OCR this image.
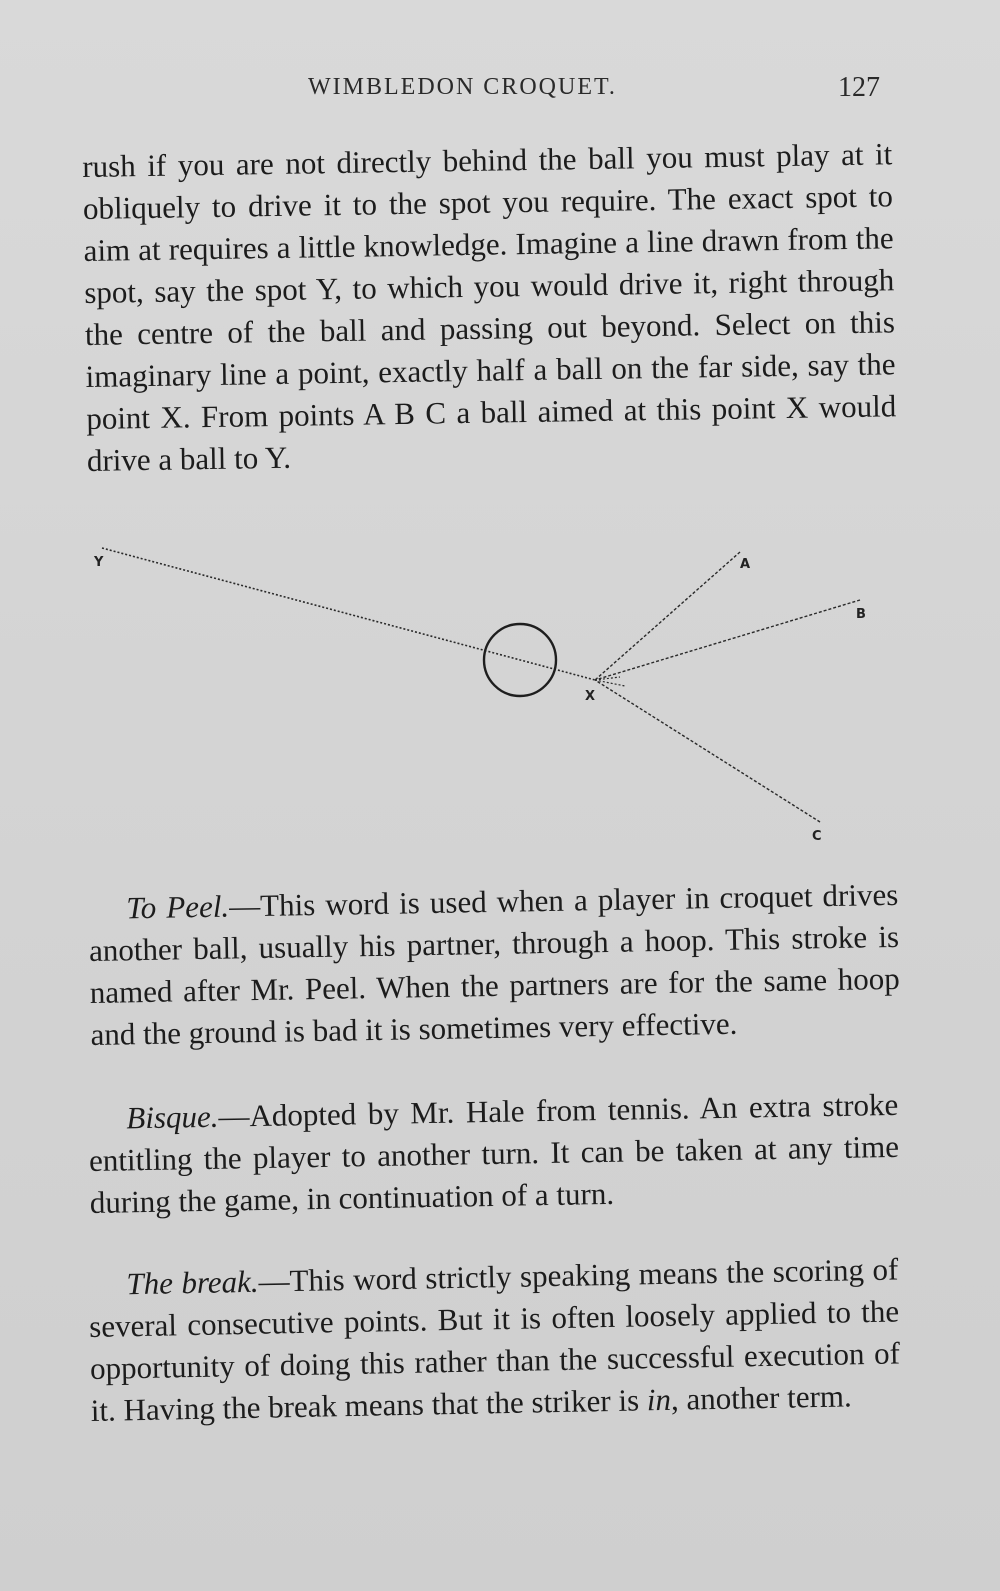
WIMBLEDON CROQUET.	127

rush if you are not directly behind the ball you must play at it obliquely to drive it to the spot you require. The exact spot to aim at requires a little knowledge. Imagine a line drawn from the spot, say the spot Y, to which you would drive it, right through the centre of the ball and passing out beyond. Select on this imaginary line a point, exactly half a ball on the far side, say the point X. From points A B C a ball aimed at this point X would drive a ball to Y.

Y	A
B
X
C

To Peel.—This word is used when a player in croquet drives another ball, usually his partner, through a hoop. This stroke is named after Mr. Peel. When the partners are for the same hoop and the ground is bad it is sometimes very effective.

Bisque.—Adopted by Mr. Hale from tennis. An extra stroke entitling the player to another turn. It can be taken at any time during the game, in continuation of a turn.

The break.—This word strictly speaking means the scoring of several consecutive points. But it is often loosely applied to the opportunity of doing this rather than the successful execution of it. Having the break means that the striker is in, another term.
